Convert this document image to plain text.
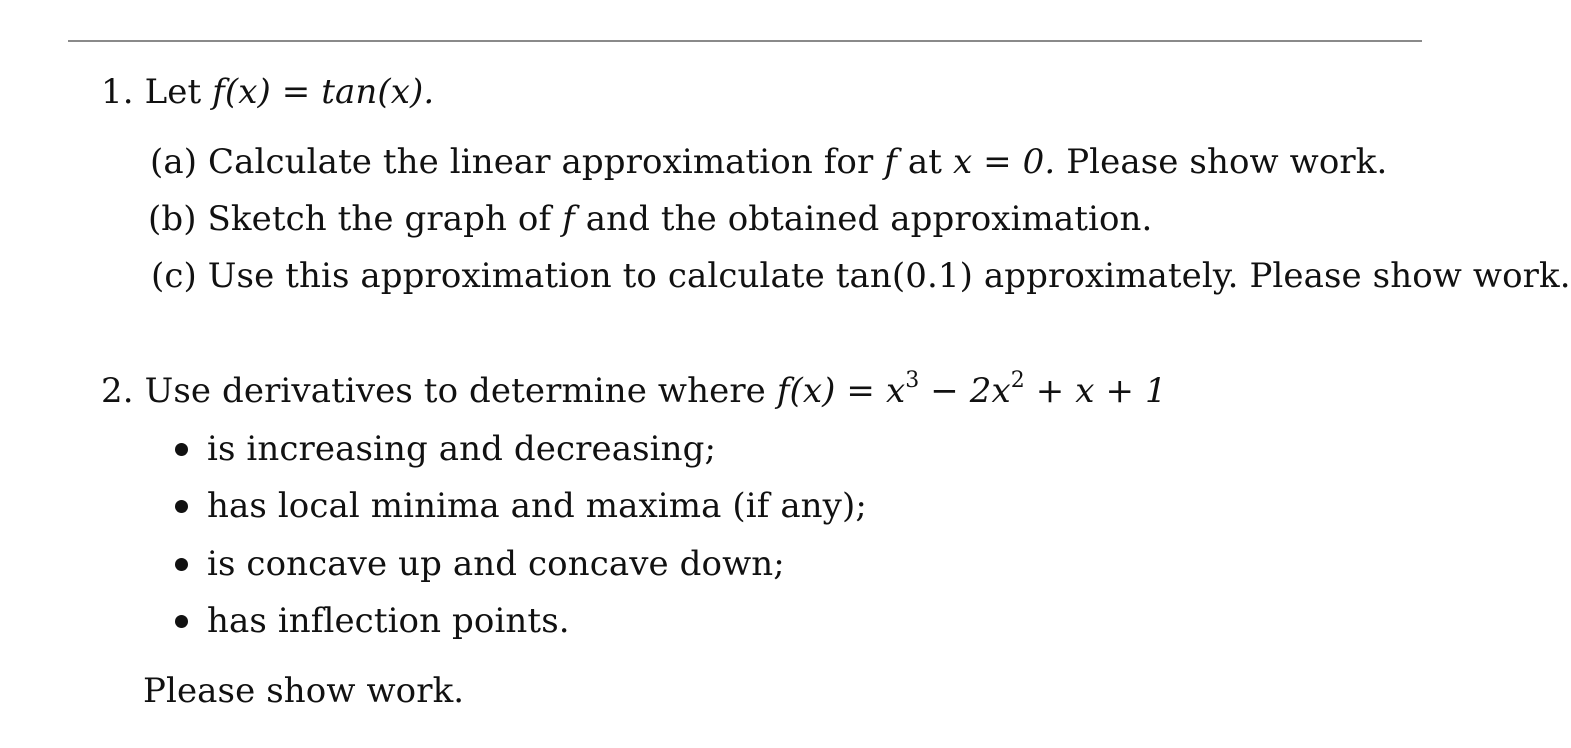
1. Let f(x) = tan(x).
(a) Calculate the linear approximation for f at x = 0. Please show work.
(b) Sketch the graph of f and the obtained approximation.
(c) Use this approximation to calculate tan(0.1) approximately. Please show work.
2. Use derivatives to determine where $f(x) = x^3 - 2x^2 + x + 1$
is increasing and decreasing;
has local minima and maxima (if any);
is concave up and concave down;
has inflection points.
Please show work.
